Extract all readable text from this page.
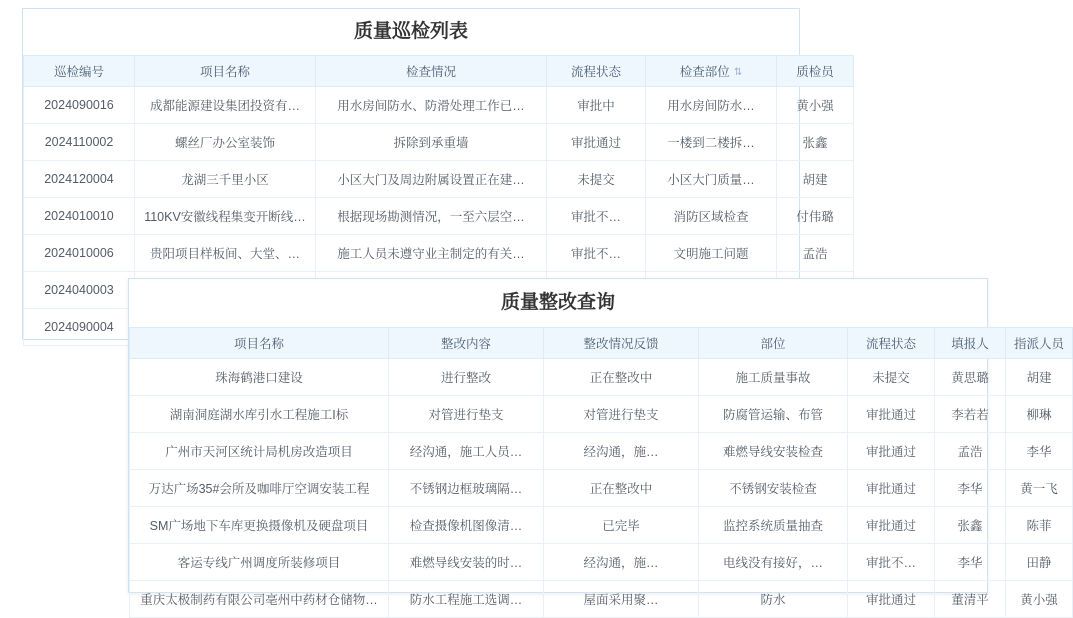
质量巡检列表
巡检编号	项目名称	检查情况	流程状态	检查部位 ⇅	质检员
2024090016	成都能源建设集团投资有…	用水房间防水、防滑处理工作已…	审批中	用水房间防水…	黄小强
2024110002	螺丝厂办公室装饰	拆除到承重墙	审批通过	一楼到二楼拆…	张鑫
2024120004	龙湖三千里小区	小区大门及周边附属设置正在建…	未提交	小区大门质量…	胡建
2024010010	110KV安徽线程集变开断线…	根据现场勘测情况，一至六层空…	审批不…	消防区域检查	付伟璐
2024010006	贵阳项目样板间、大堂、…	施工人员未遵守业主制定的有关…	审批不…	文明施工问题	孟浩
2024040003					
2024090004					
质量整改查询
项目名称	整改内容	整改情况反馈	部位	流程状态	填报人	指派人员
珠海鹤港口建设	进行整改	正在整改中	施工质量事故	未提交	黄思璐	胡建
湖南洞庭湖水库引水工程施工I标	对管进行垫支	对管进行垫支	防腐管运输、布管	审批通过	李若若	柳琳
广州市天河区统计局机房改造项目	经沟通，施工人员…	经沟通，施…	难燃导线安装检查	审批通过	孟浩	李华
万达广场35#会所及咖啡厅空调安装工程	不锈钢边框玻璃隔…	正在整改中	不锈钢安装检查	审批通过	李华	黄一飞
SM广场地下车库更换摄像机及硬盘项目	检查摄像机图像清…	已完毕	监控系统质量抽查	审批通过	张鑫	陈菲
客运专线广州调度所装修项目	难燃导线安装的时…	经沟通，施…	电线没有接好，…	审批不…	李华	田静
重庆太极制药有限公司亳州中药材仓储物…	防水工程施工选调…	屋面采用聚…	防水	审批通过	董清平	黄小强
